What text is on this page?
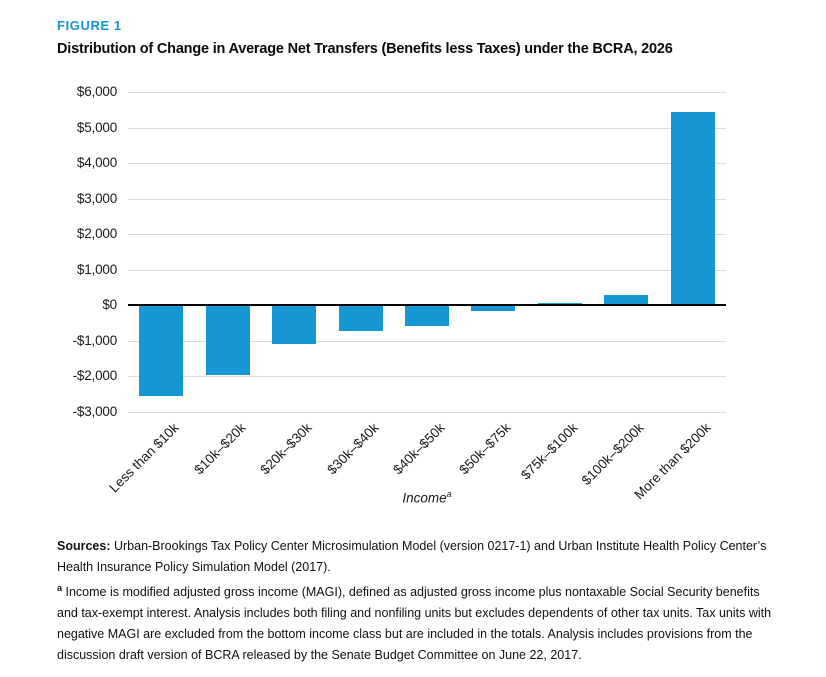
FIGURE 1
Distribution of Change in Average Net Transfers (Benefits less Taxes) under the BCRA, 2026
$6,000
$5,000
$4,000
$3,000
$2,000
$1,000
$0
-$1,000
-$2,000
-$3,000
Less than $10k $10k–$20k $20k–$30k $30k–$40k $40k–$50k $50k–$75k $75k–$100k
$100k–$200k
More than $200k
Income$^a$

Sources: Urban-Brookings Tax Policy Center Microsimulation Model (version 0217-1) and Urban Institute Health Policy Center’s Health Insurance Policy Simulation Model (2017).

$^a$ Income is modified adjusted gross income (MAGI), defined as adjusted gross income plus nontaxable Social Security benefits and tax-exempt interest. Analysis includes both filing and nonfiling units but excludes dependents of other tax units. Tax units with negative MAGI are excluded from the bottom income class but are included in the totals. Analysis includes provisions from the discussion draft version of BCRA released by the Senate Budget Committee on June 22, 2017.
